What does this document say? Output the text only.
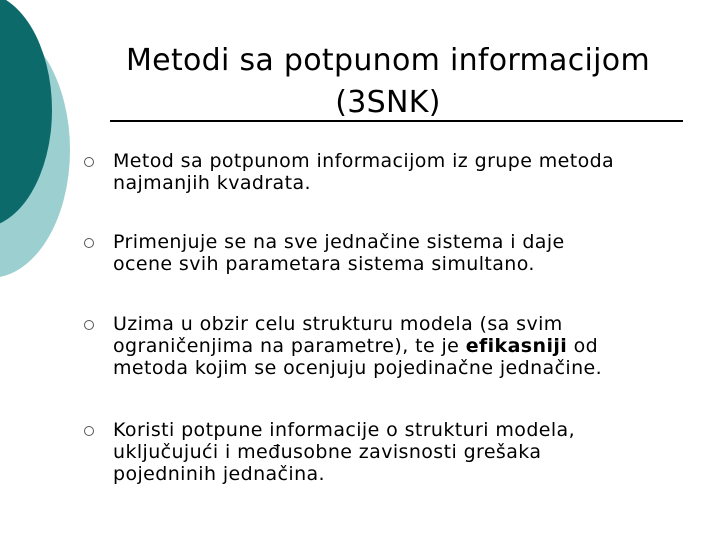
Metodi sa potpunom informacijom
(3SNK)
Metod sa potpunom informacijom iz grupe metoda
najmanjih kvadrata.
Primenjuje se na sve jednačine sistema i daje
ocene svih parametara sistema simultano.
Uzima u obzir celu strukturu modela (sa svim
ograničenjima na parametre), te je efikasniji od
metoda kojim se ocenjuju pojedinačne jednačine.
Koristi potpune informacije o strukturi modela,
uključujući i međusobne zavisnosti grešaka
pojedninih jednačina.
